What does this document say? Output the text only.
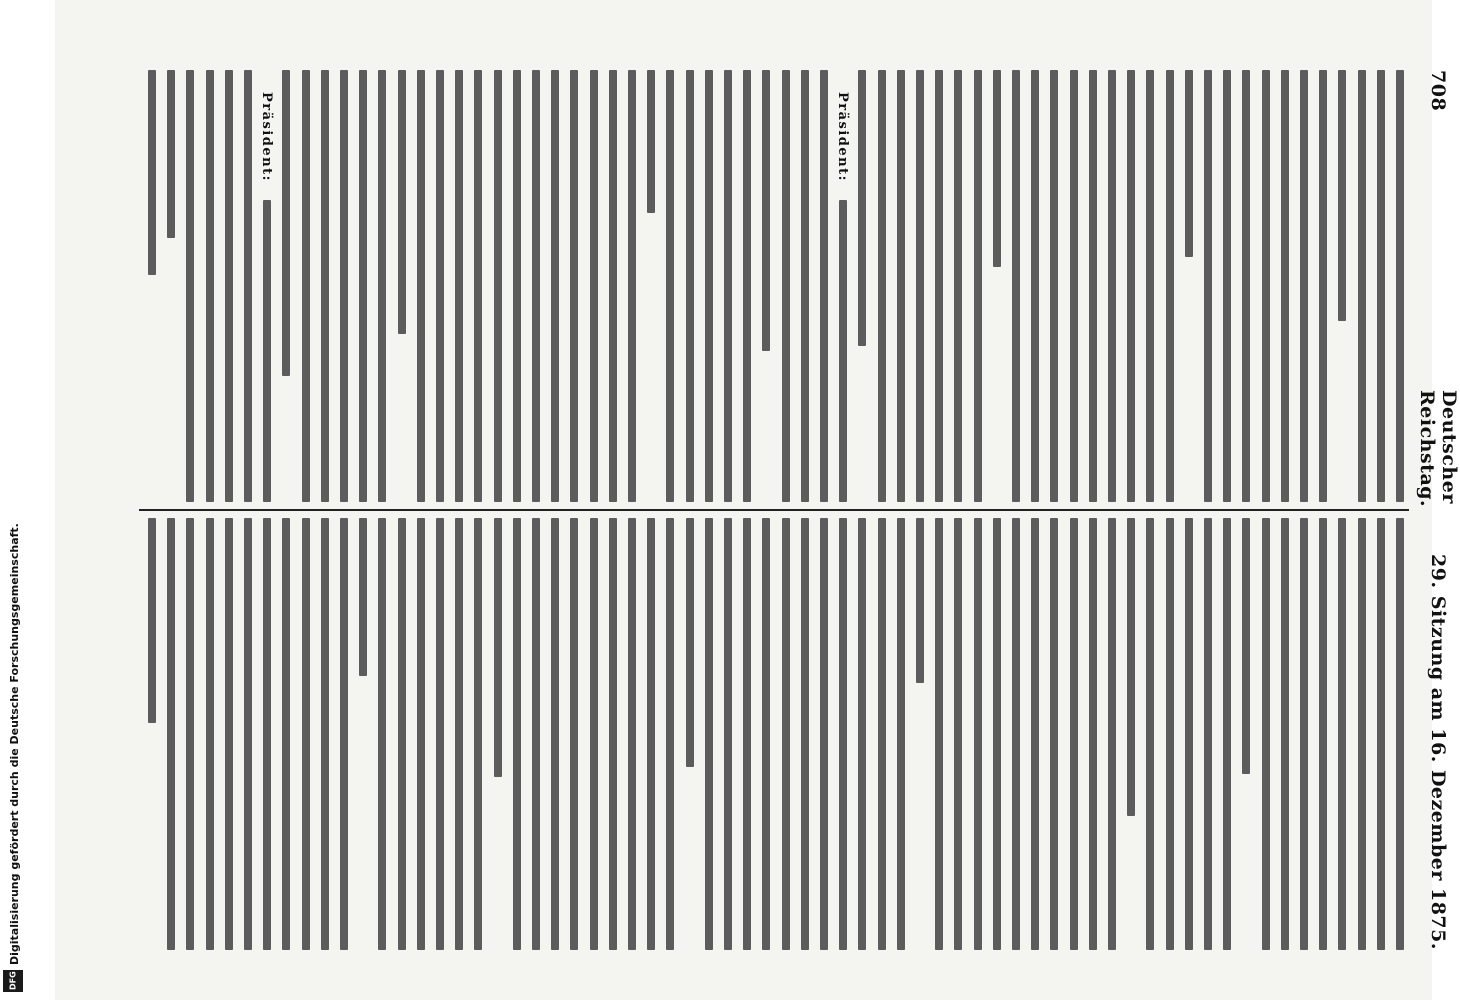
Digitalisierung gefördert durch die Deutsche Forschungsgemeinschaft.
DFG
708
Deutscher Reichstag.
29. Sitzung am 16. Dezember 1875.
Präsident:
Präsident:
